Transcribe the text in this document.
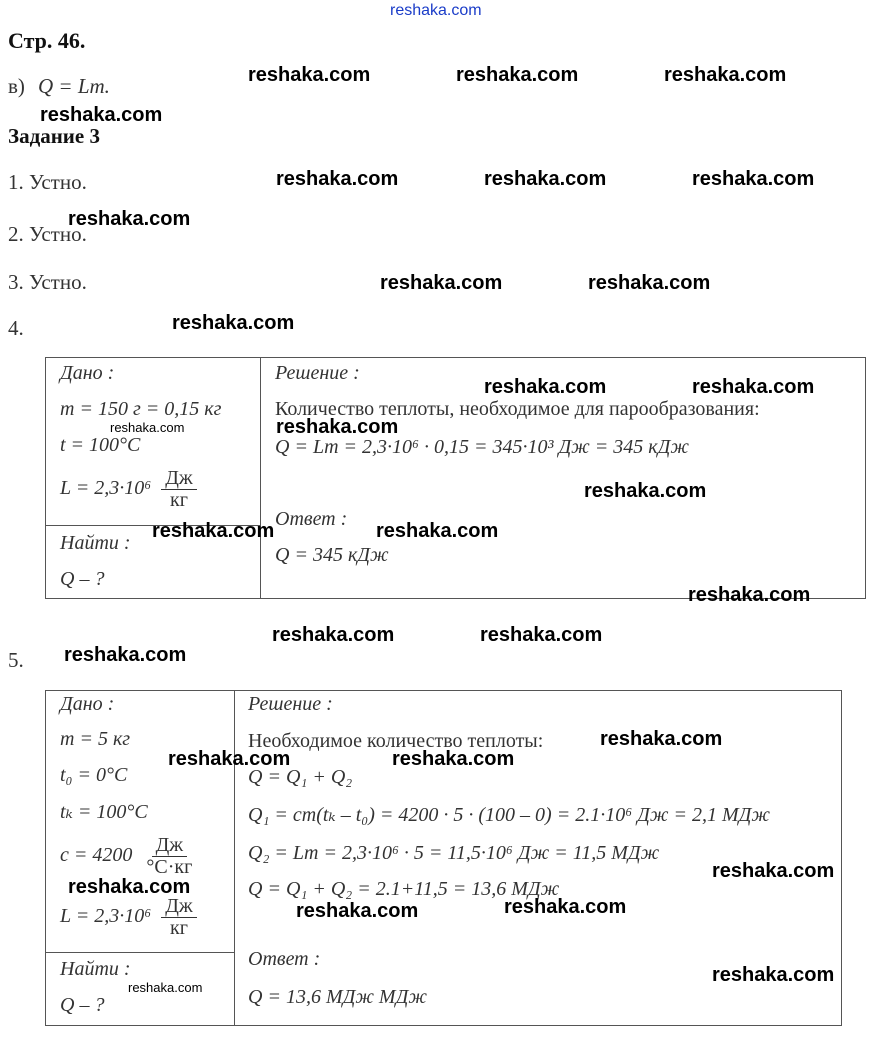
reshaka.com
Стр. 46.
в) Q = Lm.
Задание 3
1. Устно.
2. Устно.
3. Устно.
4.
Дано :
m = 150 г = 0,15 кг
t = 100°C
$L = 2,3\cdot 10^6 \frac{Дж}{кг}$
Найти :
Q – ?
Решение :
Количество теплоты, необходимое для парообразования:
Q = Lm = 2,3·10⁶ · 0,15 = 345·10³ Дж = 345 кДж
Ответ :
Q = 345 кДж
5.
Дано :
m = 5 кг
t₀ = 0°C
tₖ = 100°C
$c = 4200 \frac{Дж}{^\circ C\cdot кг}$
$L = 2,3\cdot 10^6 \frac{Дж}{кг}$
Найти :
Q – ?
Решение :
Необходимое количество теплоты:
Q = Q₁ + Q₂
Q₁ = cm(tₖ – t₀) = 4200 · 5 · (100 – 0) = 2.1·10⁶ Дж = 2,1 МДж
Q₂ = Lm = 2,3·10⁶ · 5 = 11,5·10⁶ Дж = 11,5 МДж
Q = Q₁ + Q₂ = 2.1+11,5 = 13,6 МДж
Ответ :
Q = 13,6 МДж МДж
reshaka.com	reshaka.com	reshaka.com
reshaka.com
reshaka.com	reshaka.com	reshaka.com
reshaka.com
reshaka.com	reshaka.com
reshaka.com
reshaka.com	reshaka.com
reshaka.com
reshaka.com
reshaka.com	reshaka.com
reshaka.com
reshaka.com	reshaka.com
reshaka.com
reshaka.com
reshaka.com	reshaka.com
reshaka.com
reshaka.com
reshaka.com	reshaka.com
reshaka.com
reshaka.com
reshaka.com
